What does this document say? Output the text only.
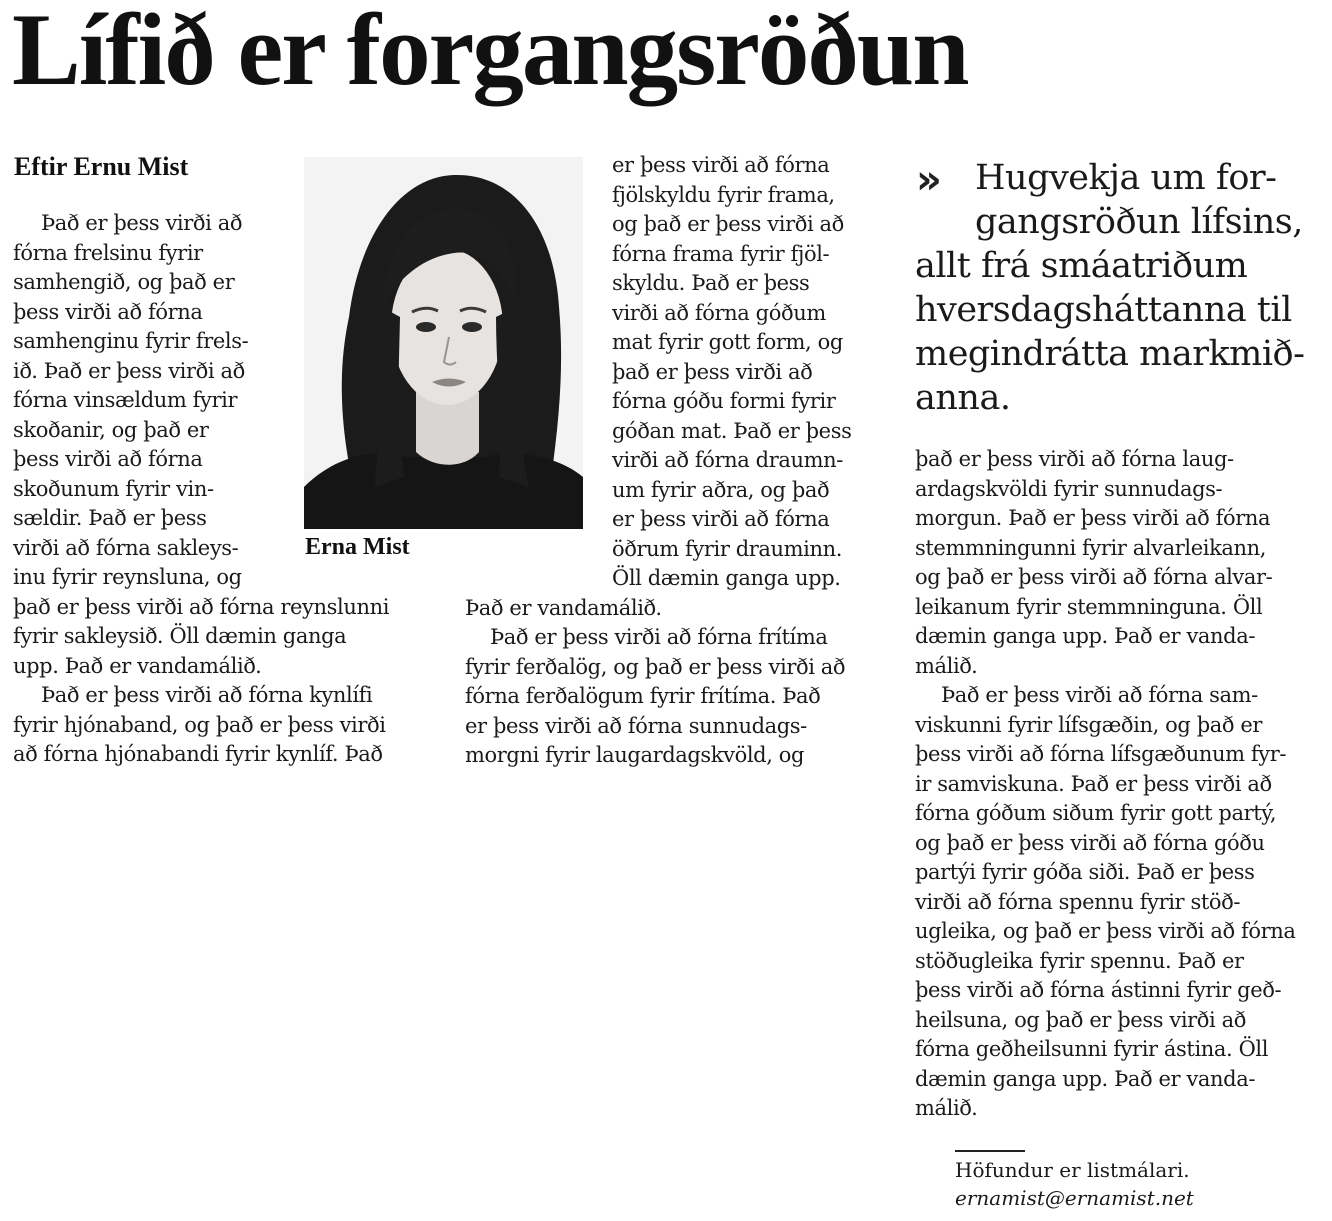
Lífið er forgangsröðun
Eftir Ernu Mist
Erna Mist
Það er þess virði að
fórna frelsinu fyrir
samhengið, og það er
þess virði að fórna
samhenginu fyrir frels-
ið. Það er þess virði að
fórna vinsældum fyrir
skoðanir, og það er
þess virði að fórna
skoðunum fyrir vin-
sældir. Það er þess
virði að fórna sakleys-
inu fyrir reynsluna, og
það er þess virði að fórna reynslunni
fyrir sakleysið. Öll dæmin ganga
upp. Það er vandamálið.
Það er þess virði að fórna kynlífi
fyrir hjónaband, og það er þess virði
að fórna hjónabandi fyrir kynlíf. Það
er þess virði að fórna
fjölskyldu fyrir frama,
og það er þess virði að
fórna frama fyrir fjöl-
skyldu. Það er þess
virði að fórna góðum
mat fyrir gott form, og
það er þess virði að
fórna góðu formi fyrir
góðan mat. Það er þess
virði að fórna draumn-
um fyrir aðra, og það
er þess virði að fórna
öðrum fyrir drauminn.
Öll dæmin ganga upp.
Það er vandamálið.
Það er þess virði að fórna frítíma
fyrir ferðalög, og það er þess virði að
fórna ferðalögum fyrir frítíma. Það
er þess virði að fórna sunnudags-
morgni fyrir laugardagskvöld, og
» Hugvekja um for-
gangsröðun lífsins,
allt frá smáatriðum
hversdagsháttanna til
megindrátta markmið-
anna.
það er þess virði að fórna laug-
ardagskvöldi fyrir sunnudags-
morgun. Það er þess virði að fórna
stemmningunni fyrir alvarleikann,
og það er þess virði að fórna alvar-
leikanum fyrir stemmninguna. Öll
dæmin ganga upp. Það er vanda-
málið.
Það er þess virði að fórna sam-
viskunni fyrir lífsgæðin, og það er
þess virði að fórna lífsgæðunum fyr-
ir samviskuna. Það er þess virði að
fórna góðum siðum fyrir gott partý,
og það er þess virði að fórna góðu
partýi fyrir góða siði. Það er þess
virði að fórna spennu fyrir stöð-
ugleika, og það er þess virði að fórna
stöðugleika fyrir spennu. Það er
þess virði að fórna ástinni fyrir geð-
heilsuna, og það er þess virði að
fórna geðheilsunni fyrir ástina. Öll
dæmin ganga upp. Það er vanda-
málið.
Höfundur er listmálari.
ernamist@ernamist.net
